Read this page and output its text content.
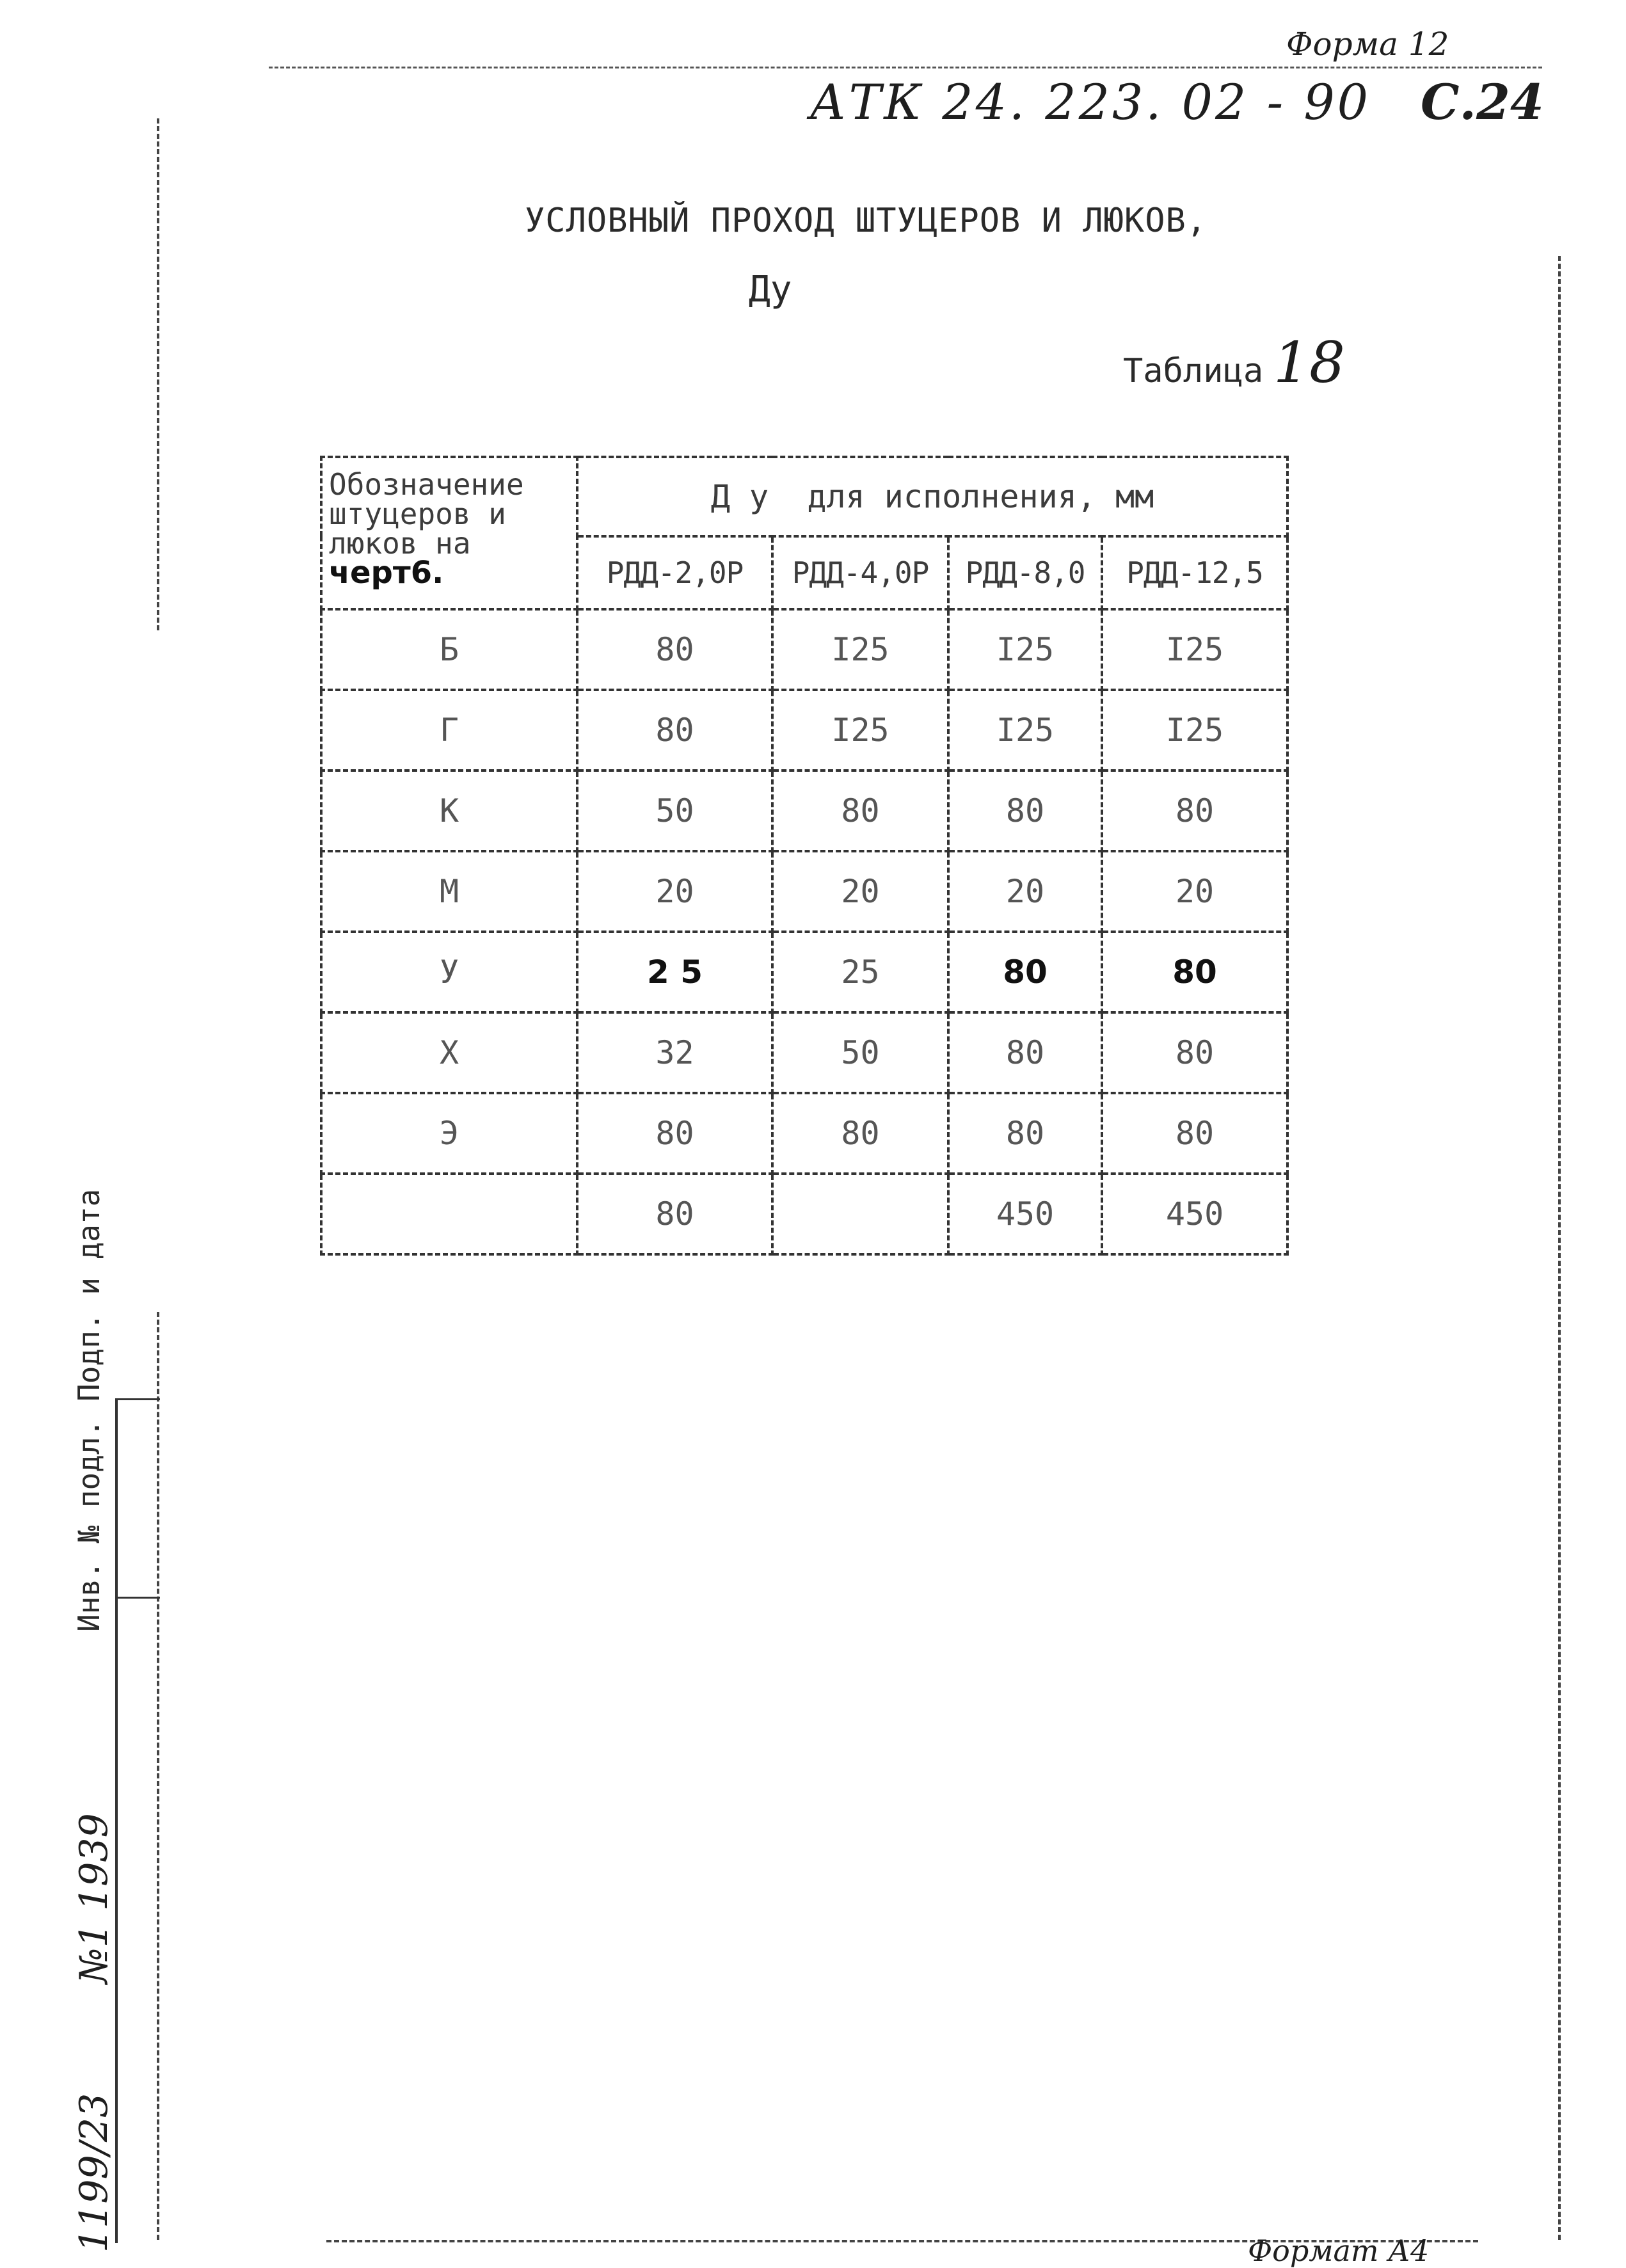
Форма 12
АТК 24. 223. 02 - 90 С.24
УСЛОВНЫЙ ПРОХОД ШТУЦЕРОВ И ЛЮКОВ,
Ду
Таблица 18
Обозначение
штуцеров и
люков на
черт6.	Д у  для исполнения, мм			
	РДД-2,0Р	РДД-4,0Р	РДД-8,0	РДД-12,5
Б	80	I25	I25	I25
Г	80	I25	I25	I25
К	50	80	80	80
М	20	20	20	20
У	2 5	25	80	80
Х	32	50	80	80
Э	80	80	80	80
	80		450	450
Инв. № подл. Подп. и дата
1199/23
№1 1939
Формат А4
